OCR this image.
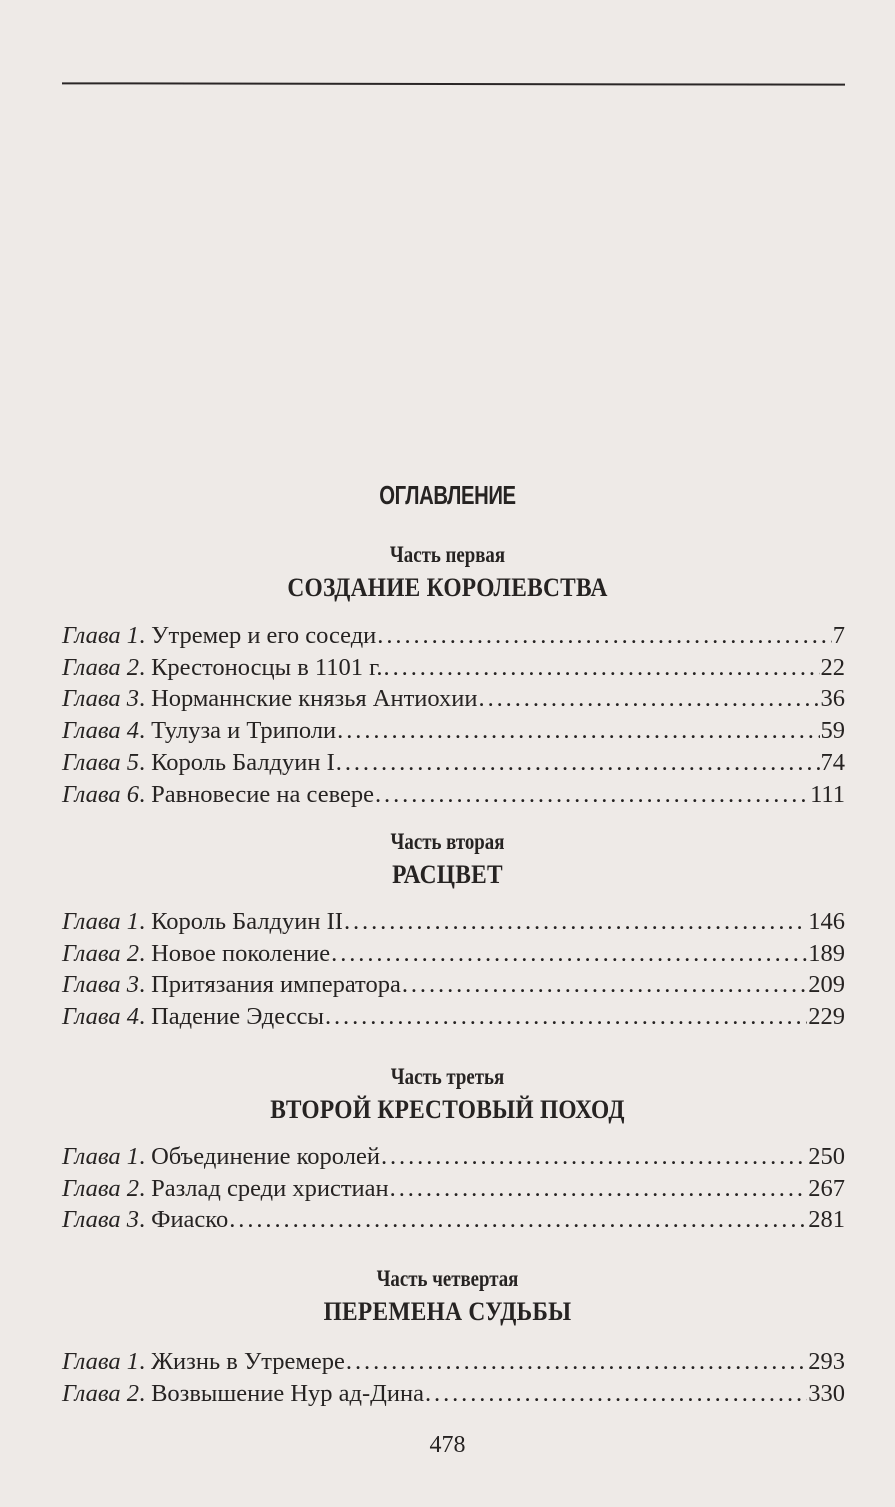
ОГЛАВЛЕНИЕ
Часть первая
СОЗДАНИЕ КОРОЛЕВСТВА
Глава 1 . Утремер и его соседи . . .	7
Глава 2 . Крестоносцы в 1101 г. . . .	22
Глава 3 . Норманнские князья Антиохии . . .	36
Глава 4 . Тулуза и Триполи . . .	59
Глава 5 . Король Балдуин I . . .	74
Глава 6 . Равновесие на севере . . .	111
Часть вторая
РАСЦВЕТ
Глава 1 . Король Балдуин II . . .	146
Глава 2 . Новое поколение . . .	189
Глава 3 . Притязания императора . . .	209
Глава 4 . Падение Эдессы . . .	229
Часть третья
ВТОРОЙ КРЕСТОВЫЙ ПОХОД
Глава 1 . Объединение королей . . .	250
Глава 2 . Разлад среди христиан . . .	267
Глава 3 . Фиаско . . .	281
Часть четвертая
ПЕРЕМЕНА СУДЬБЫ
Глава 1 . Жизнь в Утремере . . .	293
Глава 2 . Возвышение Нур ад-Дина . . .	330
478
